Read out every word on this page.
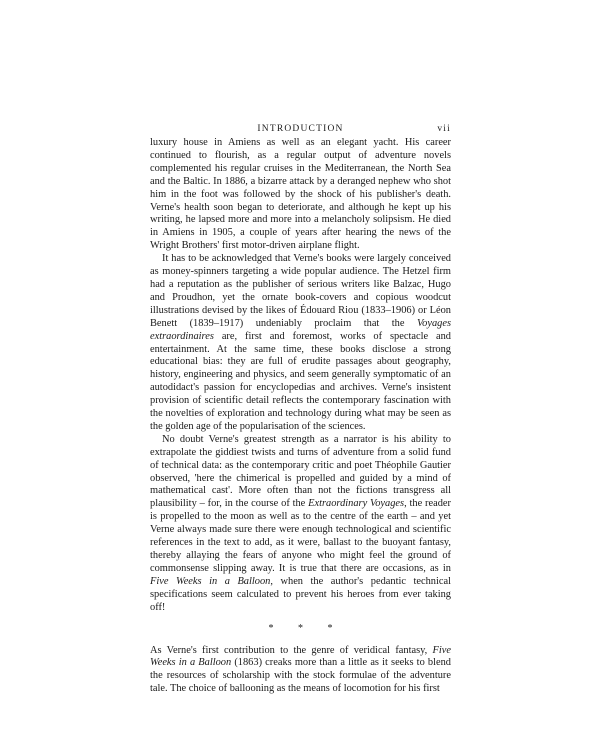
INTRODUCTION	vii

luxury house in Amiens as well as an elegant yacht. His career continued to flourish, as a regular output of adventure novels complemented his regular cruises in the Mediterranean, the North Sea and the Baltic. In 1886, a bizarre attack by a deranged nephew who shot him in the foot was followed by the shock of his publisher's death. Verne's health soon began to deteriorate, and although he kept up his writing, he lapsed more and more into a melancholy solipsism. He died in Amiens in 1905, a couple of years after hearing the news of the Wright Brothers' first motor-driven airplane flight.

It has to be acknowledged that Verne's books were largely conceived as money-spinners targeting a wide popular audience. The Hetzel firm had a reputation as the publisher of serious writers like Balzac, Hugo and Proudhon, yet the ornate book-covers and copious woodcut illustrations devised by the likes of Édouard Riou (1833–1906) or Léon Benett (1839–1917) undeniably proclaim that the Voyages extraordinaires are, first and foremost, works of spectacle and entertainment. At the same time, these books disclose a strong educational bias: they are full of erudite passages about geography, history, engineering and physics, and seem generally symptomatic of an autodidact's passion for encyclopedias and archives. Verne's insistent provision of scientific detail reflects the contemporary fascination with the novelties of exploration and technology during what may be seen as the golden age of the popularisation of the sciences.

No doubt Verne's greatest strength as a narrator is his ability to extrapolate the giddiest twists and turns of adventure from a solid fund of technical data: as the contemporary critic and poet Théophile Gautier observed, 'here the chimerical is propelled and guided by a mind of mathematical cast'. More often than not the fictions transgress all plausibility – for, in the course of the Extraordinary Voyages, the reader is propelled to the moon as well as to the centre of the earth – and yet Verne always made sure there were enough technological and scientific references in the text to add, as it were, ballast to the buoyant fantasy, thereby allaying the fears of anyone who might feel the ground of commonsense slipping away. It is true that there are occasions, as in Five Weeks in a Balloon, when the author's pedantic technical specifications seem calculated to prevent his heroes from ever taking off!

* * *

As Verne's first contribution to the genre of veridical fantasy, Five Weeks in a Balloon (1863) creaks more than a little as it seeks to blend the resources of scholarship with the stock formulae of the adventure tale. The choice of ballooning as the means of locomotion for his first
